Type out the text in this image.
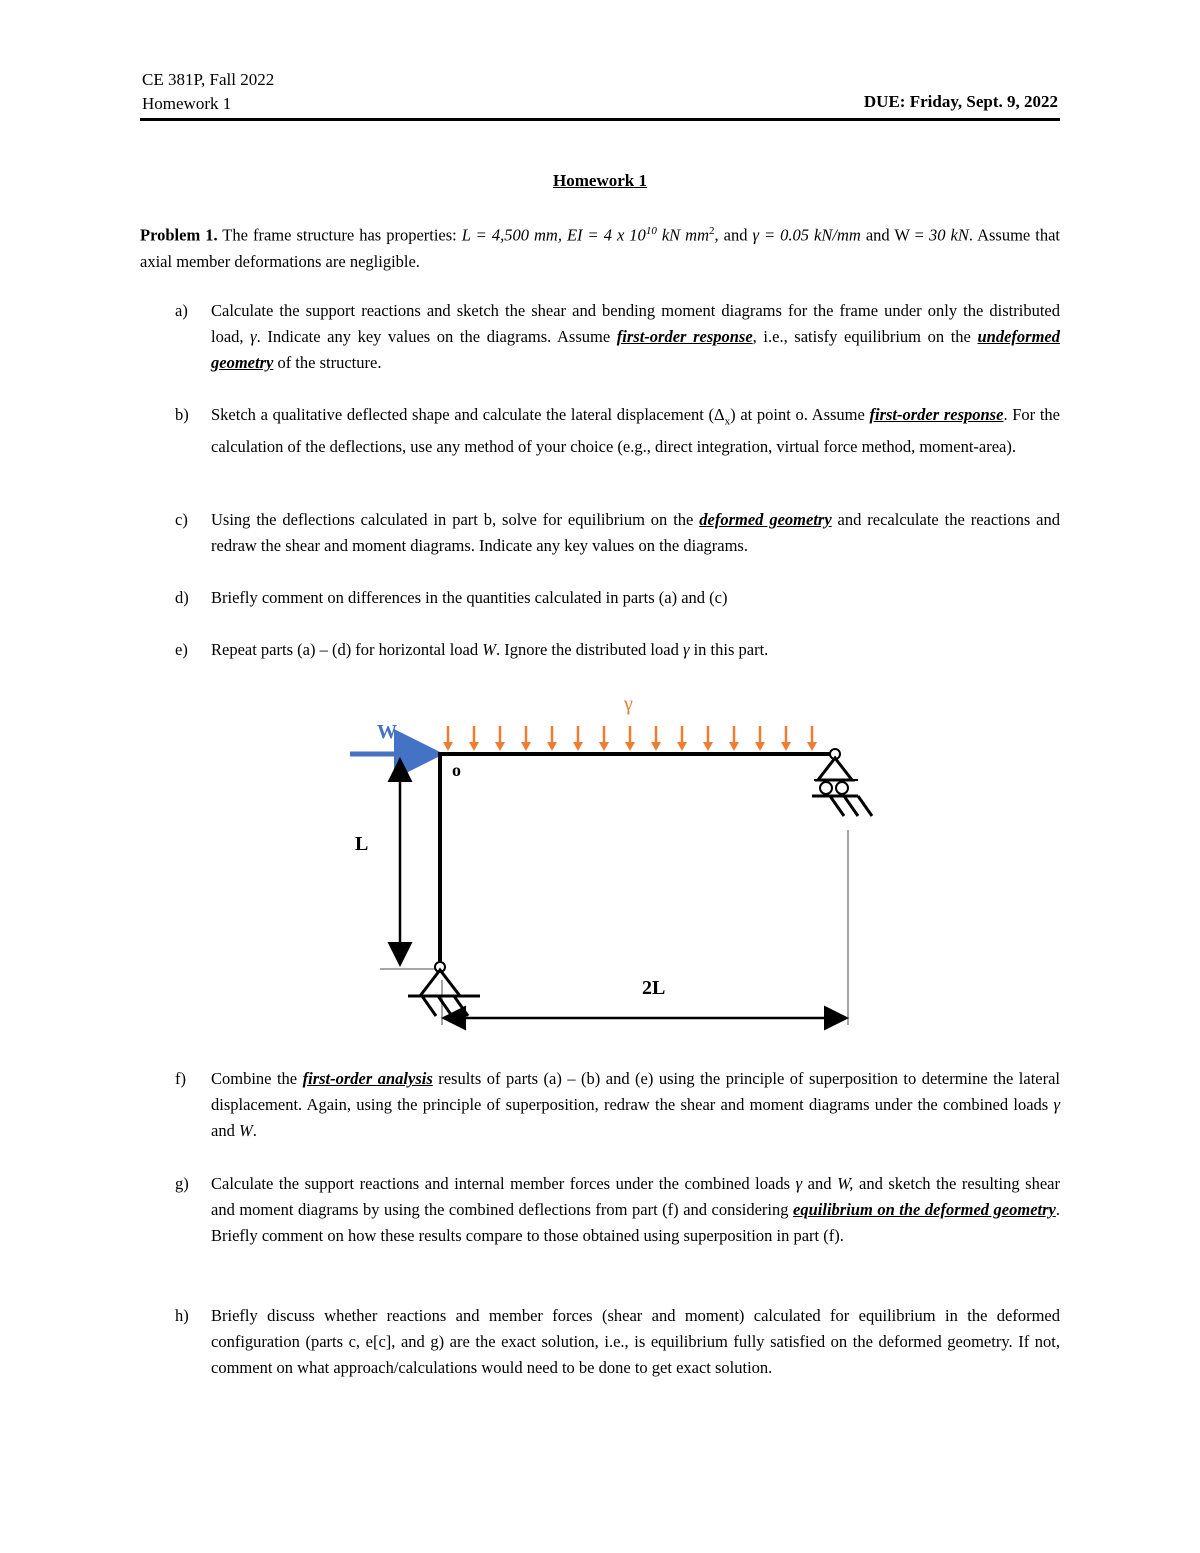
CE 381P, Fall 2022
Homework 1	DUE: Friday, Sept. 9, 2022
Homework 1
Problem 1. The frame structure has properties: L = 4,500 mm, EI = 4 x $10^{10}$ kN $mm^2$, and γ = 0.05 kN/mm and W = 30 kN. Assume that axial member deformations are negligible.
a)	Calculate the support reactions and sketch the shear and bending moment diagrams for the frame under only the distributed load, γ. Indicate any key values on the diagrams. Assume first-order response, i.e., satisfy equilibrium on the undeformed geometry of the structure.
b)	Sketch a qualitative deflected shape and calculate the lateral displacement $(\Delta_x)$ at point o. Assume first-order response. For the calculation of the deflections, use any method of your choice (e.g., direct integration, virtual force method, moment-area).
c)	Using the deflections calculated in part b, solve for equilibrium on the deformed geometry and recalculate the reactions and redraw the shear and moment diagrams. Indicate any key values on the diagrams.
d)	Briefly comment on differences in the quantities calculated in parts (a) and (c)
e)	Repeat parts (a) – (d) for horizontal load W. Ignore the distributed load γ in this part.
W
γ
o
L
2L
f)	Combine the first-order analysis results of parts (a) – (b) and (e) using the principle of superposition to determine the lateral displacement. Again, using the principle of superposition, redraw the shear and moment diagrams under the combined loads γ and W.
g)	Calculate the support reactions and internal member forces under the combined loads γ and W, and sketch the resulting shear and moment diagrams by using the combined deflections from part (f) and considering equilibrium on the deformed geometry. Briefly comment on how these results compare to those obtained using superposition in part (f).
h)	Briefly discuss whether reactions and member forces (shear and moment) calculated for equilibrium in the deformed configuration (parts c, e[c], and g) are the exact solution, i.e., is equilibrium fully satisfied on the deformed geometry. If not, comment on what approach/calculations would need to be done to get exact solution.
